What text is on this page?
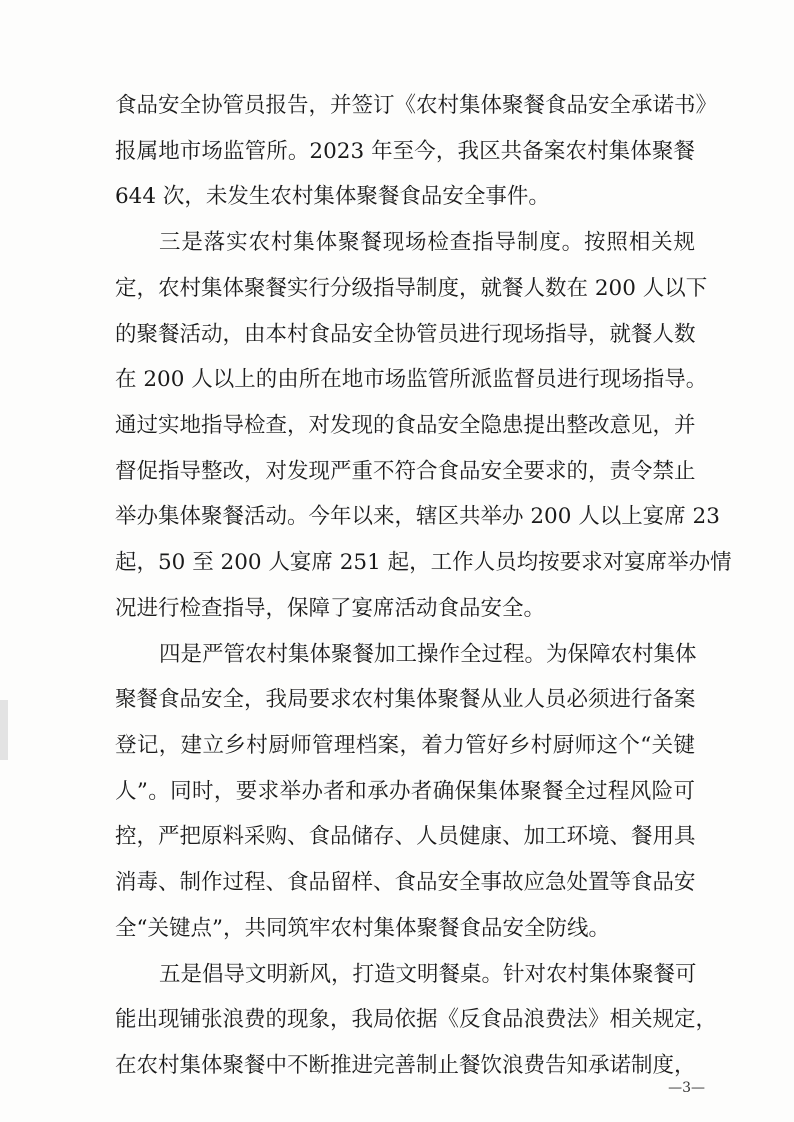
食品安全协管员报告，并签订《农村集体聚餐食品安全承诺书》
报属地市场监管所。2023 年至今，我区共备案农村集体聚餐
644 次，未发生农村集体聚餐食品安全事件。
三是落实农村集体聚餐现场检查指导制度。按照相关规
定，农村集体聚餐实行分级指导制度，就餐人数在 200 人以下
的聚餐活动，由本村食品安全协管员进行现场指导，就餐人数
在 200 人以上的由所在地市场监管所派监督员进行现场指导。
通过实地指导检查，对发现的食品安全隐患提出整改意见，并
督促指导整改，对发现严重不符合食品安全要求的，责令禁止
举办集体聚餐活动。今年以来，辖区共举办 200 人以上宴席 23
起，50 至 200 人宴席 251 起，工作人员均按要求对宴席举办情
况进行检查指导，保障了宴席活动食品安全。
四是严管农村集体聚餐加工操作全过程。为保障农村集体
聚餐食品安全，我局要求农村集体聚餐从业人员必须进行备案
登记，建立乡村厨师管理档案，着力管好乡村厨师这个“关键
人”。同时，要求举办者和承办者确保集体聚餐全过程风险可
控，严把原料采购、食品储存、人员健康、加工环境、餐用具
消毒、制作过程、食品留样、食品安全事故应急处置等食品安
全“关键点”，共同筑牢农村集体聚餐食品安全防线。
五是倡导文明新风，打造文明餐桌。针对农村集体聚餐可
能出现铺张浪费的现象，我局依据《反食品浪费法》相关规定，
在农村集体聚餐中不断推进完善制止餐饮浪费告知承诺制度，
—3—
